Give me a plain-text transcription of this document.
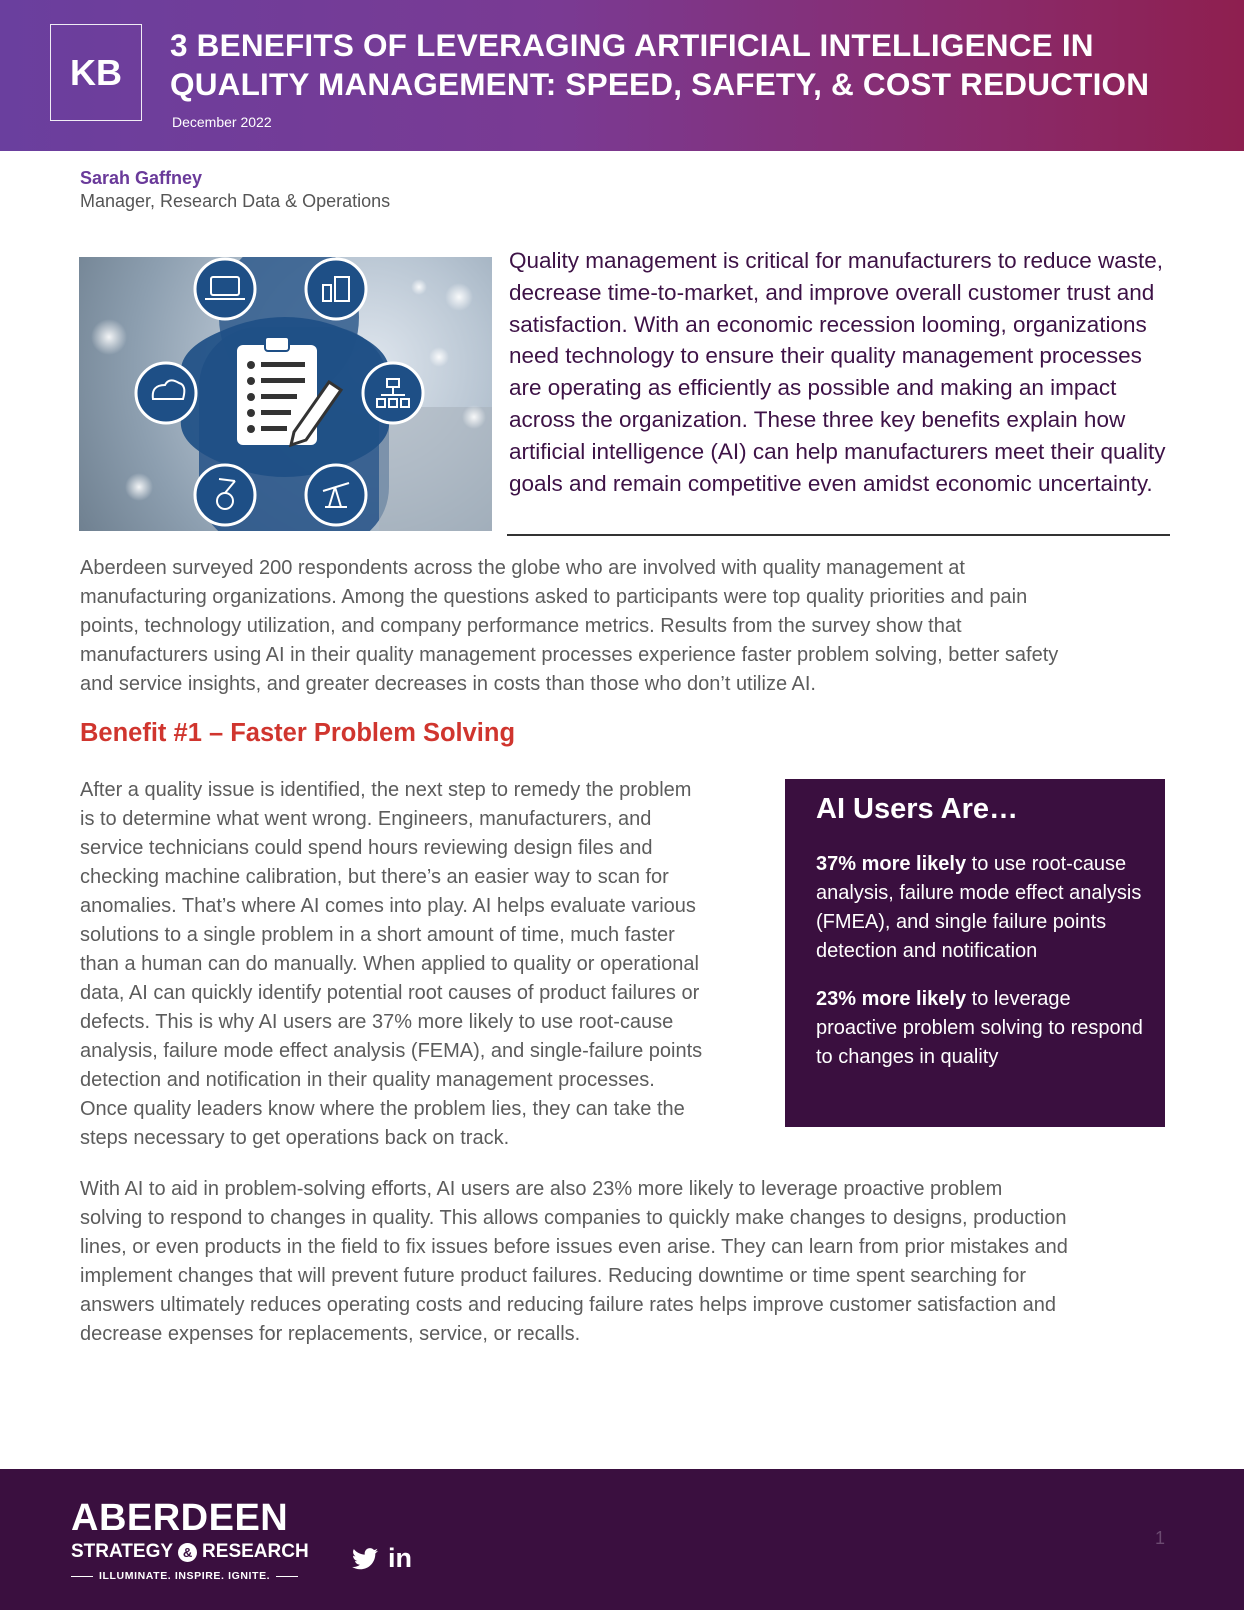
KB
3 BENEFITS OF LEVERAGING ARTIFICIAL INTELLIGENCE IN
QUALITY MANAGEMENT: SPEED, SAFETY, & COST REDUCTION
December 2022
Sarah Gaffney
Manager, Research Data & Operations
Quality management is critical for manufacturers to reduce waste, decrease time-to-market, and improve overall customer trust and satisfaction. With an economic recession looming, organizations need technology to ensure their quality management processes are operating as efficiently as possible and making an impact across the organization. These three key benefits explain how artificial intelligence (AI) can help manufacturers meet their quality goals and remain competitive even amidst economic uncertainty.
Aberdeen surveyed 200 respondents across the globe who are involved with quality management at
manufacturing organizations. Among the questions asked to participants were top quality priorities and pain
points, technology utilization, and company performance metrics. Results from the survey show that
manufacturers using AI in their quality management processes experience faster problem solving, better safety
and service insights, and greater decreases in costs than those who don’t utilize AI.
Benefit #1 – Faster Problem Solving
After a quality issue is identified, the next step to remedy the problem
is to determine what went wrong. Engineers, manufacturers, and
service technicians could spend hours reviewing design files and
checking machine calibration, but there’s an easier way to scan for
anomalies. That’s where AI comes into play. AI helps evaluate various
solutions to a single problem in a short amount of time, much faster
than a human can do manually. When applied to quality or operational
data, AI can quickly identify potential root causes of product failures or
defects. This is why AI users are 37% more likely to use root-cause
analysis, failure mode effect analysis (FEMA), and single-failure points
detection and notification in their quality management processes.
Once quality leaders know where the problem lies, they can take the
steps necessary to get operations back on track.
AI Users Are…

37% more likely to use root-cause analysis, failure mode effect analysis (FMEA), and single failure points detection and notification

23% more likely to leverage proactive problem solving to respond to changes in quality

With AI to aid in problem-solving efforts, AI users are also 23% more likely to leverage proactive problem
solving to respond to changes in quality. This allows companies to quickly make changes to designs, production
lines, or even products in the field to fix issues before issues even arise. They can learn from prior mistakes and
implement changes that will prevent future product failures. Reducing downtime or time spent searching for
answers ultimately reduces operating costs and reducing failure rates helps improve customer satisfaction and
decrease expenses for replacements, service, or recalls.
ABERDEEN
STRATEGY & RESEARCH
ILLUMINATE. INSPIRE. IGNITE.
in
1
